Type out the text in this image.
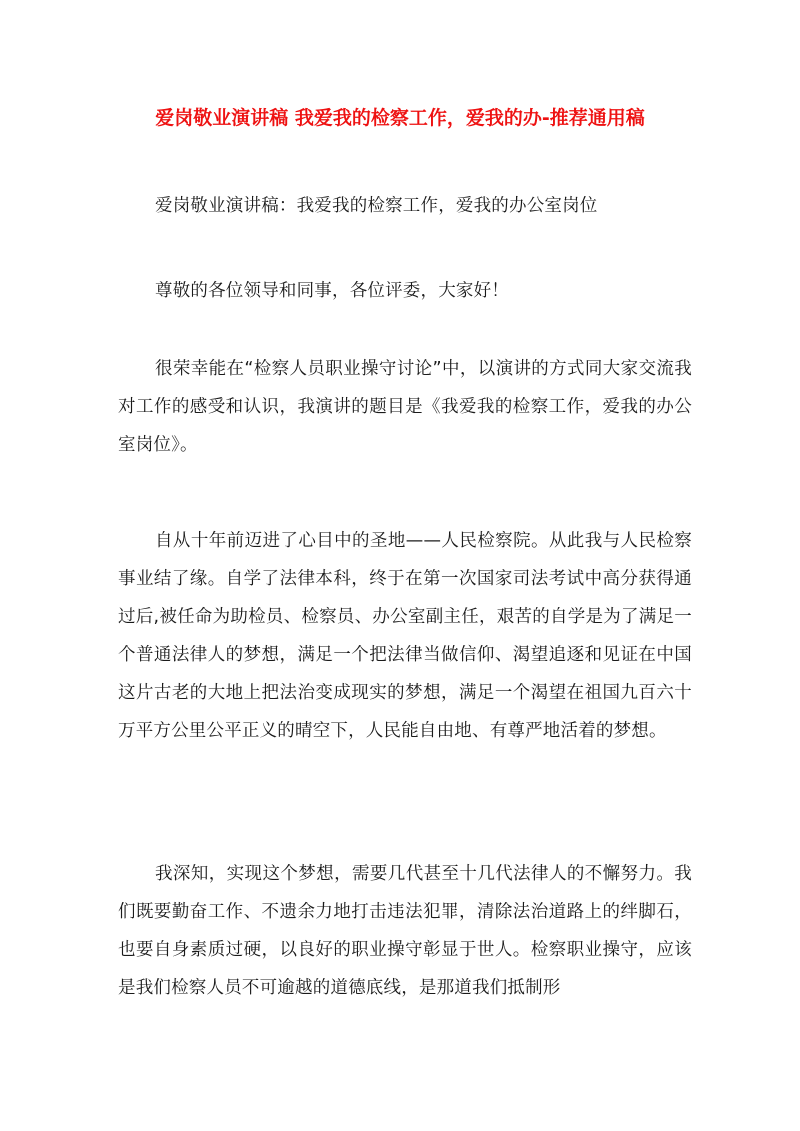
爱岗敬业演讲稿 我爱我的检察工作，爱我的办-推荐通用稿

爱岗敬业演讲稿：我爱我的检察工作，爱我的办公室岗位

尊敬的各位领导和同事，各位评委，大家好！

很荣幸能在“检察人员职业操守讨论”中，以演讲的方式同大家交流我对工作的感受和认识，我演讲的题目是《我爱我的检察工作，爱我的办公室岗位》。

自从十年前迈进了心目中的圣地——人民检察院。从此我与人民检察事业结了缘。自学了法律本科，终于在第一次国家司法考试中高分获得通过后,被任命为助检员、检察员、办公室副主任，艰苦的自学是为了满足一个普通法律人的梦想，满足一个把法律当做信仰、渴望追逐和见证在中国这片古老的大地上把法治变成现实的梦想，满足一个渴望在祖国九百六十万平方公里公平正义的晴空下，人民能自由地、有尊严地活着的梦想。

我深知，实现这个梦想，需要几代甚至十几代法律人的不懈努力。我们既要勤奋工作、不遗余力地打击违法犯罪，清除法治道路上的绊脚石，也要自身素质过硬，以良好的职业操守彰显于世人。检察职业操守，应该是我们检察人员不可逾越的道德底线，是那道我们抵制形
